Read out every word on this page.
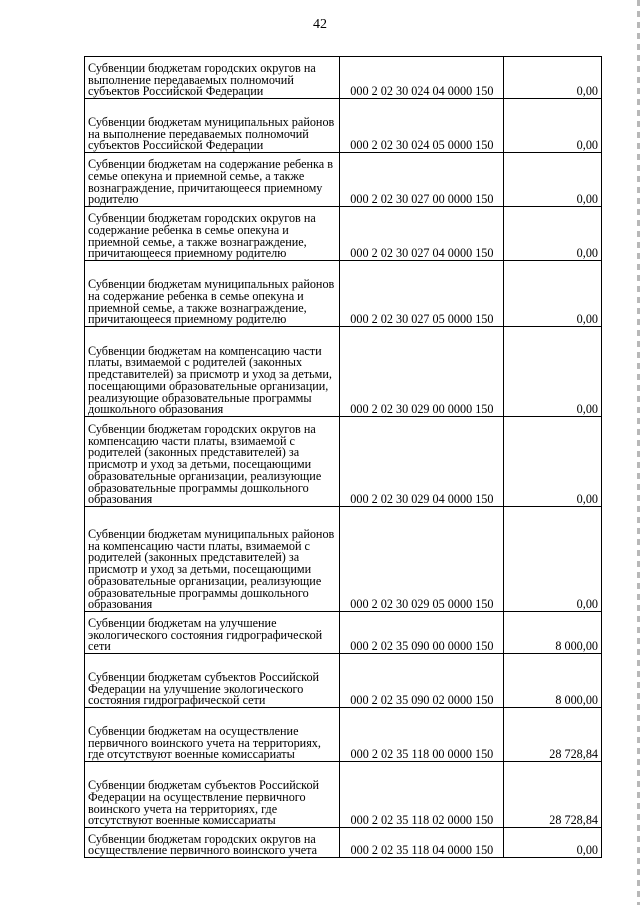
42
Субвенции бюджетам городских округов на выполнение передаваемых полномочий субъектов Российской Федерации	000 2 02 30 024 04 0000 150	0,00
Субвенции бюджетам муниципальных районов на выполнение передаваемых полномочий субъектов Российской Федерации	000 2 02 30 024 05 0000 150	0,00
Субвенции бюджетам на содержание ребенка в семье опекуна и приемной семье, а также вознаграждение, причитающееся приемному родителю	000 2 02 30 027 00 0000 150	0,00
Субвенции бюджетам городских округов на содержание ребенка в семье опекуна и приемной семье, а также вознаграждение, причитающееся приемному родителю	000 2 02 30 027 04 0000 150	0,00
Субвенции бюджетам муниципальных районов на содержание ребенка в семье опекуна и приемной семье, а также вознаграждение, причитающееся приемному родителю	000 2 02 30 027 05 0000 150	0,00
Субвенции бюджетам на компенсацию части платы, взимаемой с родителей (законных представителей) за присмотр и уход за детьми, посещающими образовательные организации, реализующие образовательные программы дошкольного образования	000 2 02 30 029 00 0000 150	0,00
Субвенции бюджетам городских округов на компенсацию части платы, взимаемой с родителей (законных представителей) за присмотр и уход за детьми, посещающими образовательные организации, реализующие образовательные программы дошкольного образования	000 2 02 30 029 04 0000 150	0,00
Субвенции бюджетам муниципальных районов на компенсацию части платы, взимаемой с родителей (законных представителей) за присмотр и уход за детьми, посещающими образовательные организации, реализующие образовательные программы дошкольного образования	000 2 02 30 029 05 0000 150	0,00
Субвенции бюджетам на улучшение экологического состояния гидрографической сети	000 2 02 35 090 00 0000 150	8 000,00
Субвенции бюджетам субъектов Российской Федерации на улучшение экологического состояния гидрографической сети	000 2 02 35 090 02 0000 150	8 000,00
Субвенции бюджетам на осуществление первичного воинского учета на территориях, где отсутствуют военные комиссариаты	000 2 02 35 118 00 0000 150	28 728,84
Субвенции бюджетам субъектов Российской Федерации на осуществление первичного воинского учета на территориях, где отсутствуют военные комиссариаты	000 2 02 35 118 02 0000 150	28 728,84
Субвенции бюджетам городских округов на осуществление первичного воинского учета	000 2 02 35 118 04 0000 150	0,00
